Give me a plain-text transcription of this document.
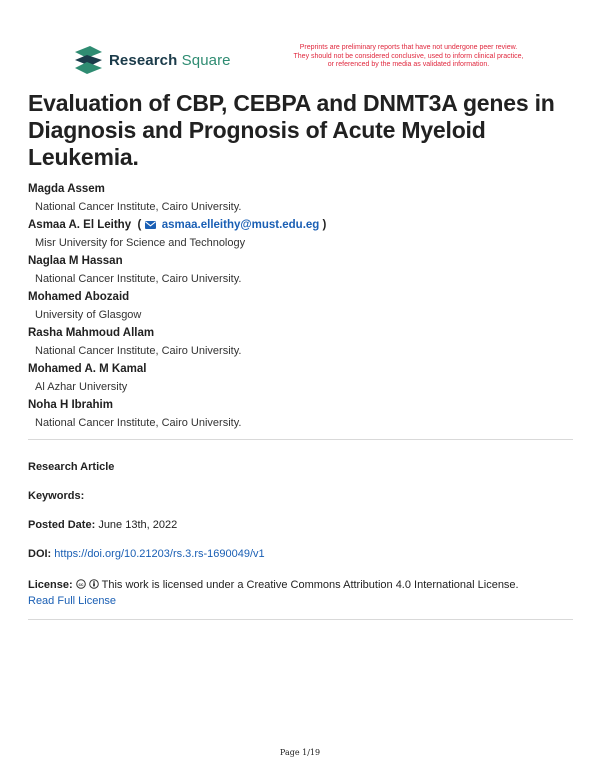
Research Square
Preprints are preliminary reports that have not undergone peer review.
They should not be considered conclusive, used to inform clinical practice,
or referenced by the media as validated information.
Evaluation of CBP, CEBPA and DNMT3A genes in Diagnosis and Prognosis of Acute Myeloid Leukemia.
Magda Assem
National Cancer Institute, Cairo University.
Asmaa A. El Leithy  ( asmaa.elleithy@must.edu.eg )
Misr University for Science and Technology
Naglaa M Hassan
National Cancer Institute, Cairo University.
Mohamed Abozaid
University of Glasgow
Rasha Mahmoud Allam
National Cancer Institute, Cairo University.
Mohamed A. M Kamal
Al Azhar University
Noha H Ibrahim
National Cancer Institute, Cairo University.
Research Article
Keywords:
Posted Date: June 13th, 2022
DOI: https://doi.org/10.21203/rs.3.rs-1690049/v1
License: cc This work is licensed under a Creative Commons Attribution 4.0 International License.
Read Full License
Page 1/19
